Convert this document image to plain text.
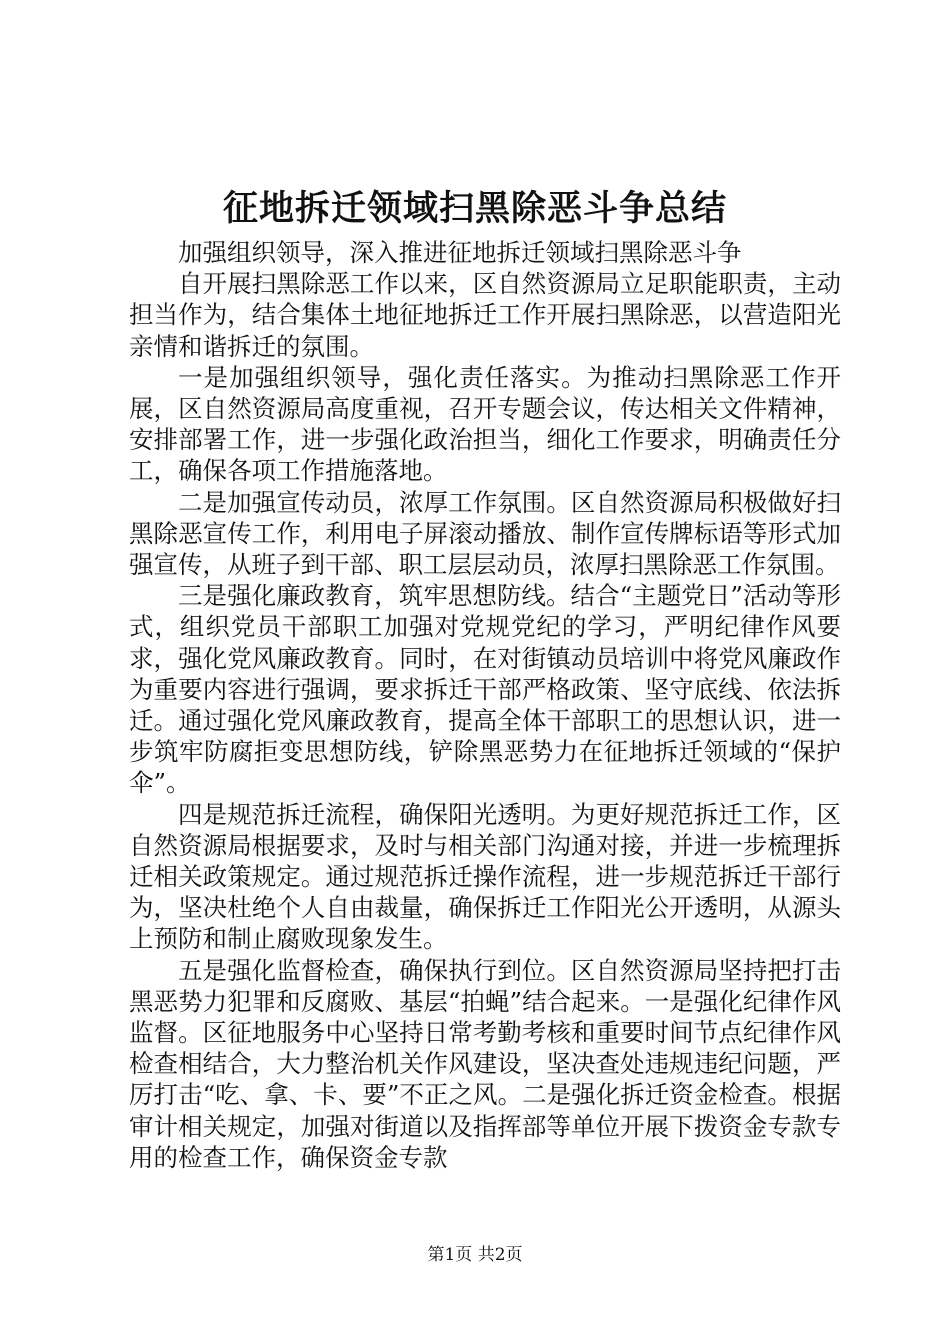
征地拆迁领域扫黑除恶斗争总结
加强组织领导，深入推进征地拆迁领域扫黑除恶斗争

自开展扫黑除恶工作以来，区自然资源局立足职能职责，主动担当作为，结合集体土地征地拆迁工作开展扫黑除恶，以营造阳光亲情和谐拆迁的氛围。

一是加强组织领导，强化责任落实。为推动扫黑除恶工作开展，区自然资源局高度重视，召开专题会议，传达相关文件精神，安排部署工作，进一步强化政治担当，细化工作要求，明确责任分工，确保各项工作措施落地。

二是加强宣传动员，浓厚工作氛围。区自然资源局积极做好扫黑除恶宣传工作，利用电子屏滚动播放、制作宣传牌标语等形式加强宣传，从班子到干部、职工层层动员，浓厚扫黑除恶工作氛围。

三是强化廉政教育，筑牢思想防线。结合“主题党日”活动等形式，组织党员干部职工加强对党规党纪的学习，严明纪律作风要求，强化党风廉政教育。同时，在对街镇动员培训中将党风廉政作为重要内容进行强调，要求拆迁干部严格政策、坚守底线、依法拆迁。通过强化党风廉政教育，提高全体干部职工的思想认识，进一步筑牢防腐拒变思想防线，铲除黑恶势力在征地拆迁领域的“保护伞”。

四是规范拆迁流程，确保阳光透明。为更好规范拆迁工作，区自然资源局根据要求，及时与相关部门沟通对接，并进一步梳理拆迁相关政策规定。通过规范拆迁操作流程，进一步规范拆迁干部行为，坚决杜绝个人自由裁量，确保拆迁工作阳光公开透明，从源头上预防和制止腐败现象发生。

五是强化监督检查，确保执行到位。区自然资源局坚持把打击黑恶势力犯罪和反腐败、基层“拍蝇”结合起来。一是强化纪律作风监督。区征地服务中心坚持日常考勤考核和重要时间节点纪律作风检查相结合，大力整治机关作风建设，坚决查处违规违纪问题，严厉打击“吃、拿、卡、要”不正之风。二是强化拆迁资金检查。根据审计相关规定，加强对街道以及指挥部等单位开展下拨资金专款专用的检查工作，确保资金专款

第1页 共2页
